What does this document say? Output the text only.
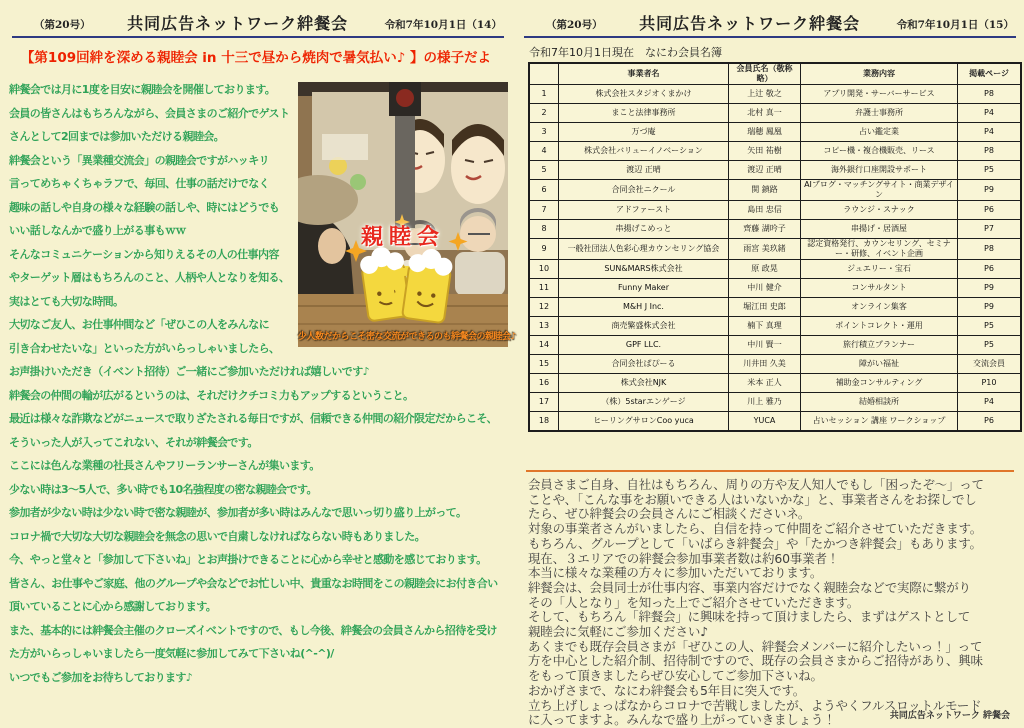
（第20号）	共同広告ネットワーク絆餐会	令和7年10月1日（14）
【第109回絆を深める親睦会 in 十三で昼から焼肉で暑気払い♪ 】の様子だよ
親睦会
少人数だからこそ密な交流ができるのも絆餐会の親睦会♪

絆餐会では月に1度を目安に親睦会を開催しております。

会員の皆さんはもちろんながら、会員さまのご紹介でゲスト

さんとして2回までは参加いただける親睦会。

絆餐会という「異業種交流会」の親睦会ですがハッキリ

言ってめちゃくちゃラフで、毎回、仕事の話だけでなく

趣味の話しや自身の様々な経験の話しや、時にはどうでも

いい話しなんかで盛り上がる事もｗｗ

そんなコミュニケーションから知りえるその人の仕事内容

やターゲット層はもちろんのこと、人柄や人となりを知る、

実はとても大切な時間。

大切なご友人、お仕事仲間など「ぜひこの人をみんなに

引き合わせたいな」といった方がいらっしゃいましたら、

お声掛けいただき（イベント招待）ご一緒にご参加いただければ嬉しいです♪

絆餐会の仲間の輪が広がるというのは、それだけクチコミ力もアップするということ。

最近は様々な詐欺などがニュースで取りざたされる毎日ですが、信頼できる仲間の紹介限定だからこそ、

そういった人が入ってこれない、それが絆餐会です。

ここには色んな業種の社長さんやフリーランサーさんが集います。

少ない時は3～5人で、多い時でも10名強程度の密な親睦会です。

参加者が少ない時は少ない時で密な親睦が、参加者が多い時はみんなで思いっ切り盛り上がって。

コロナ禍で大切な大切な親睦会を無念の思いで自粛しなければならない時もありました。

今、やっと堂々と「参加して下さいね」とお声掛けできることに心から幸せと感動を感じております。

皆さん、お仕事やご家庭、他のグループや会などでお忙しい中、貴重なお時間をこの親睦会にお付き合い

頂いていることに心から感謝しております。

また、基本的には絆餐会主催のクローズイベントですので、もし今後、絆餐会の会員さんから招待を受け

た方がいらっしゃいましたら一度気軽に参加してみて下さいね(^-^)/

いつでもご参加をお待ちしております♪

（第20号）	共同広告ネットワーク絆餐会	令和7年10月1日（15）
令和7年10月1日現在　なにわ会員名簿
	事業者名	会員氏名（敬称略）	業務内容	掲載ページ
1	株式会社スタジオくまかけ	上辻 敬之	アプリ開発・サーバーサービス	P8
2	まこと法律事務所	北村 真一	弁護士事務所	P4
3	万づ庵	瑞穂 鳳凰	占い鑑定業	P4
4	株式会社バリューイノベーション	矢田 祐樹	コピー機・複合機販売、リース	P8
5	渡辺 正晴	渡辺 正晴	海外銀行口座開設サポート	P5
6	合同会社ニクール	関 鎮路	AIブログ・マッチングサイト・商業デザイン	P9
7	アドファースト	島田 忠信	ラウンジ・スナック	P6
8	串揚げこめっと	齊藤 湖吟子	串揚げ・居酒屋	P7
9	一般社団法人色彩心理カウンセリング協会	雨宮 美玖緒	認定資格発行、カウンセリング、セミナー・研修、イベント企画	P8
10	SUN&MARS株式会社	原 政晃	ジュエリー・宝石	P6
11	Funny Maker	中川 健介	コンサルタント	P9
12	M&H J Inc.	堀江田 史郎	オンライン集客	P9
13	商売繁盛株式会社	楠下 真理	ポイントコレクト・運用	P5
14	GPF LLC.	中川 賢一	旅行積立プランナー	P5
15	合同会社ぱぴーる	川井田 久美	障がい福祉	交流会員
16	株式会社NJK	米本 正人	補助金コンサルティング	P10
17	（株）5starエンゲージ	川上 雅乃	結婚相談所	P4
18	ヒーリングサロンCoo yuca	YUCA	占いセッション 講座 ワークショップ	P6

会員さまご自身、自社はもちろん、周りの方や友人知人でもし「困ったぞ～」って

ことや、「こんな事をお願いできる人はいないかな」と、事業者さんをお探しでし

たら、ぜひ絆餐会の会員さんにご相談くださいネ。

対象の事業者さんがいましたら、自信を持って仲間をご紹介させていただきます。

もちろん、グループとして「いばらき絆餐会」や「たかつき絆餐会」もあります。

現在、３エリアでの絆餐会参加事業者数は約60事業者！

本当に様々な業種の方々に参加いただいております。

絆餐会は、会員同士が仕事内容、事業内容だけでなく親睦会などで実際に繋がり

その「人となり」を知った上でご紹介させていただきます。

そして、もちろん「絆餐会」に興味を持って頂けましたら、まずはゲストとして

親睦会に気軽にご参加ください♪

あくまでも既存会員さまが「ぜひこの人、絆餐会メンバーに紹介したいっ！」って

方を中心とした紹介制、招待制ですので、既存の会員さまからご招待があり、興味

をもって頂きましたらぜひ安心してご参加下さいね。

おかげさまで、なにわ絆餐会も5年目に突入です。

立ち上げしょっぱなからコロナで苦戦しましたが、ようやくフルスロットルモード

に入ってますよ。みんなで盛り上がっていきましょう！	共同広告ネットワーク 絆餐会
